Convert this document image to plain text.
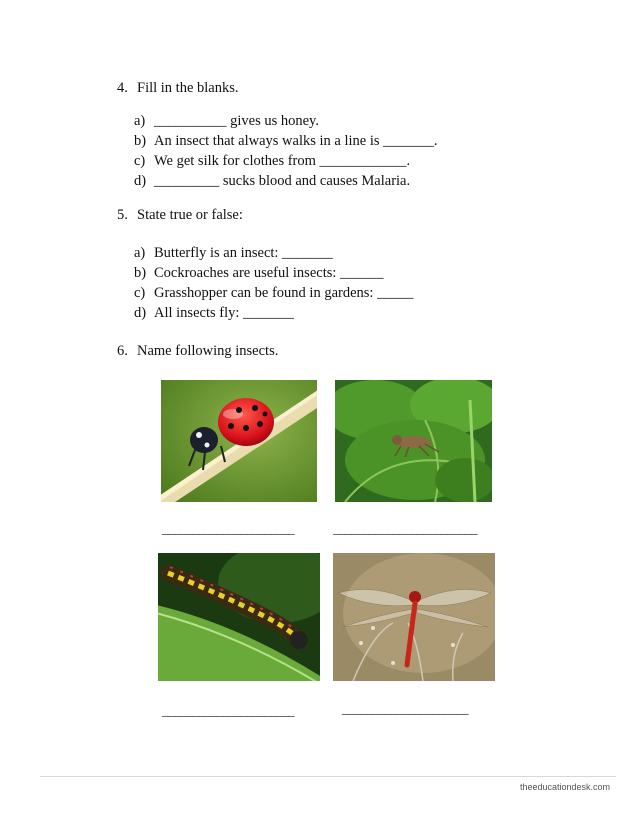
4. Fill in the blanks.
a) __________ gives us honey.
b) An insect that always walks in a line is _______.
c) We get silk for clothes from ____________.
d) _________ sucks blood and causes Malaria.
5. State true or false:
a) Butterfly is an insect: _______
b) Cockroaches are useful insects: ______
c) Grasshopper can be found in gardens: _____
d) All insects fly: _______
6. Name following insects.
______________________	________________________
______________________	_____________________
theeducationdesk.com
